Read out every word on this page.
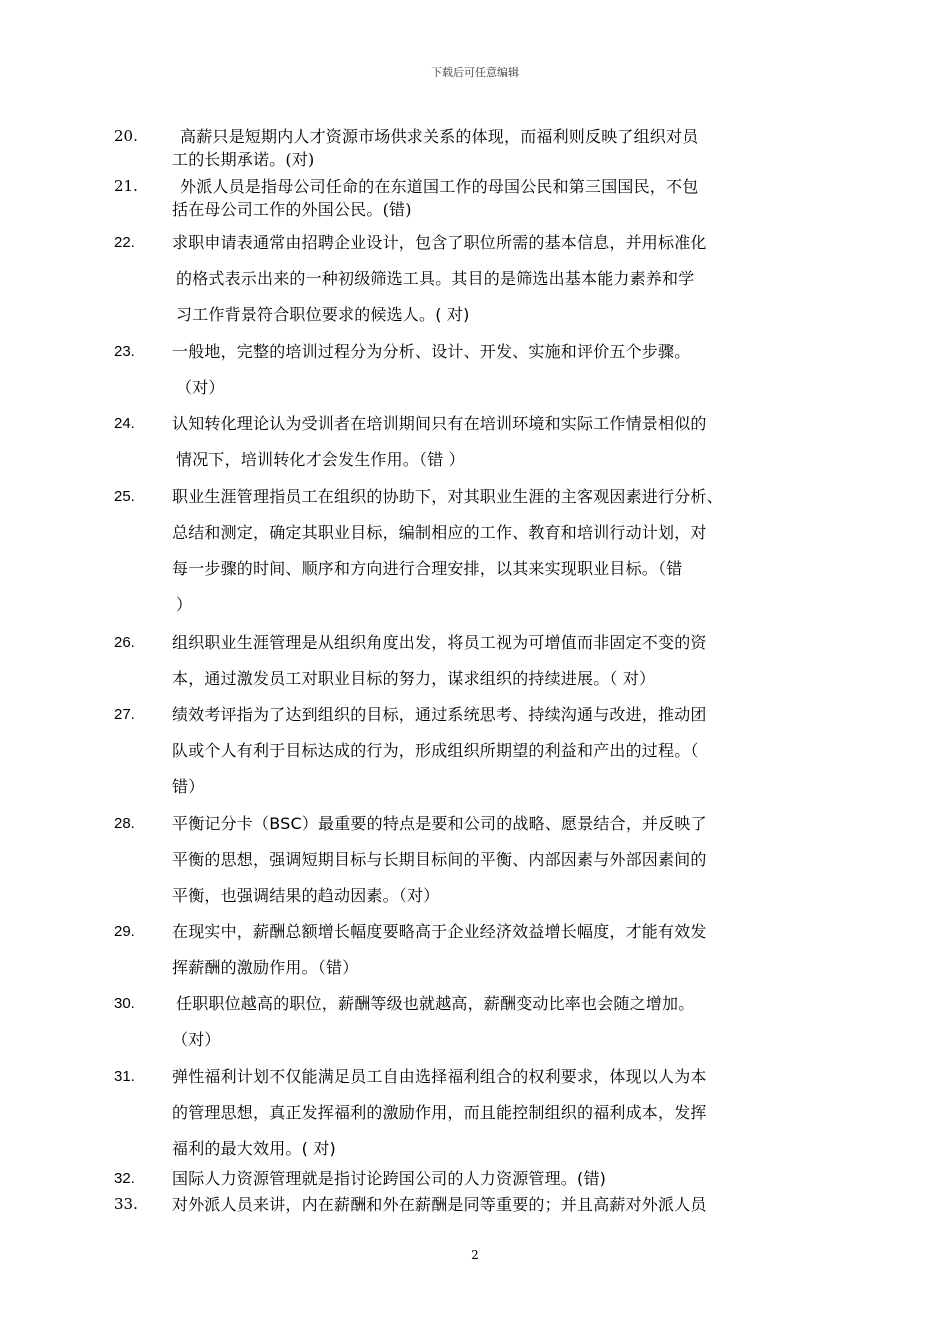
下载后可任意编辑
20.	高薪只是短期内人才资源市场供求关系的体现，而福利则反映了组织对员
工的长期承诺。(对)
21.	外派人员是指母公司任命的在东道国工作的母国公民和第三国国民，不包
括在母公司工作的外国公民。(错)
22. 求职申请表通常由招聘企业设计，包含了职位所需的基本信息，并用标准化
的格式表示出来的一种初级筛选工具。其目的是筛选出基本能力素养和学
习工作背景符合职位要求的候选人。( 对)
23. 一般地，完整的培训过程分为分析、设计、开发、实施和评价五个步骤。
（对）
24. 认知转化理论认为受训者在培训期间只有在培训环境和实际工作情景相似的
情况下，培训转化才会发生作用。（错 ）
25. 职业生涯管理指员工在组织的协助下，对其职业生涯的主客观因素进行分析、
总结和测定，确定其职业目标，编制相应的工作、教育和培训行动计划，对
每一步骤的时间、顺序和方向进行合理安排，以其来实现职业目标。（错
）
26. 组织职业生涯管理是从组织角度出发，将员工视为可增值而非固定不变的资
本，通过激发员工对职业目标的努力，谋求组织的持续进展。（ 对）
27. 绩效考评指为了达到组织的目标，通过系统思考、持续沟通与改进，推动团
队或个人有利于目标达成的行为，形成组织所期望的利益和产出的过程。（
错）
28. 平衡记分卡（BSC）最重要的特点是要和公司的战略、愿景结合，并反映了
平衡的思想，强调短期目标与长期目标间的平衡、内部因素与外部因素间的
平衡，也强调结果的趋动因素。（对）
29. 在现实中，薪酬总额增长幅度要略高于企业经济效益增长幅度，才能有效发
挥薪酬的激励作用。（错）
30.	任职职位越高的职位，薪酬等级也就越高，薪酬变动比率也会随之增加。
（对）
31. 弹性福利计划不仅能满足员工自由选择福利组合的权利要求，体现以人为本
的管理思想，真正发挥福利的激励作用，而且能控制组织的福利成本，发挥
福利的最大效用。( 对)
32. 国际人力资源管理就是指讨论跨国公司的人力资源管理。(错)
33. 对外派人员来讲，内在薪酬和外在薪酬是同等重要的；并且高薪对外派人员
2
